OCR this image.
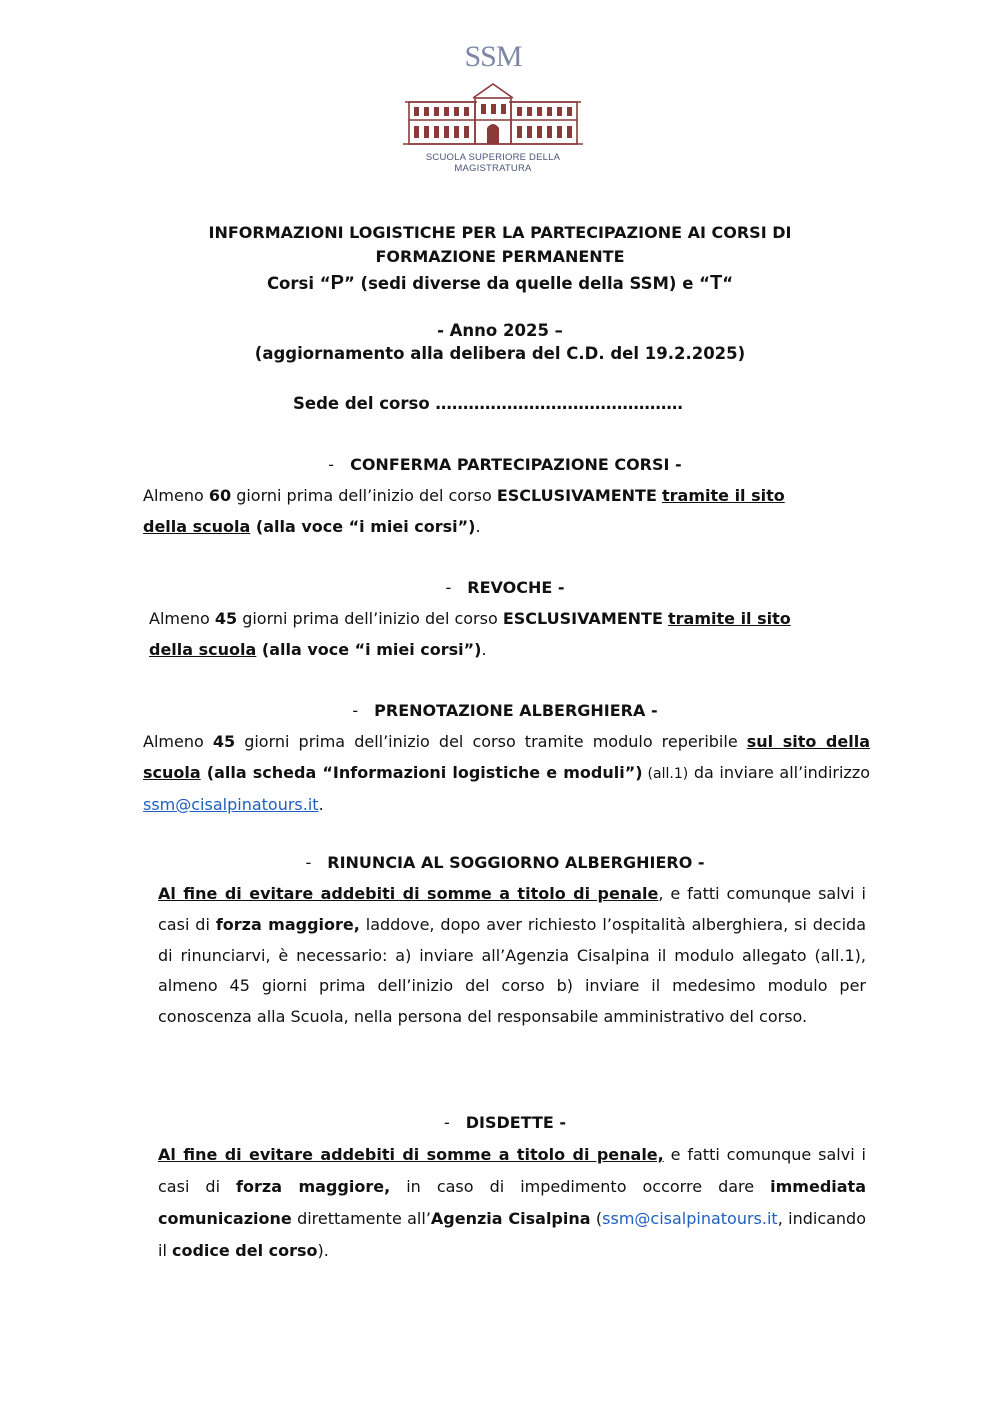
SSM
SCUOLA SUPERIORE DELLA MAGISTRATURA
INFORMAZIONI LOGISTICHE PER LA PARTECIPAZIONE AI CORSI DI
FORMAZIONE PERMANENTE
Corsi “P” (sedi diverse da quelle della SSM) e “T“
- Anno 2025 –
(aggiornamento alla delibera del C.D. del 19.2.2025)
Sede del corso ………………………………………
- CONFERMA PARTECIPAZIONE CORSI -
Almeno 60 giorni prima dell’inizio del corso ESCLUSIVAMENTE tramite il sito
della scuola (alla voce “i miei corsi”).
- REVOCHE -
Almeno 45 giorni prima dell’inizio del corso ESCLUSIVAMENTE tramite il sito
della scuola (alla voce “i miei corsi”).
- PRENOTAZIONE ALBERGHIERA -
Almeno 45 giorni prima dell’inizio del corso tramite modulo reperibile sul sito della scuola (alla scheda “Informazioni logistiche e moduli”) (all.1) da inviare all’indirizzo ssm@cisalpinatours.it.
- RINUNCIA AL SOGGIORNO ALBERGHIERO -
Al fine di evitare addebiti di somme a titolo di penale, e fatti comunque salvi i casi di forza maggiore, laddove, dopo aver richiesto l’ospitalità alberghiera, si decida di rinunciarvi, è necessario: a) inviare all’Agenzia Cisalpina il modulo allegato (all.1), almeno 45 giorni prima dell’inizio del corso b) inviare il medesimo modulo per conoscenza alla Scuola, nella persona del responsabile amministrativo del corso.
- DISDETTE -
Al fine di evitare addebiti di somme a titolo di penale, e fatti comunque salvi i casi di forza maggiore, in caso di impedimento occorre dare immediata comunicazione direttamente all’Agenzia Cisalpina (ssm@cisalpinatours.it, indicando il codice del corso).
